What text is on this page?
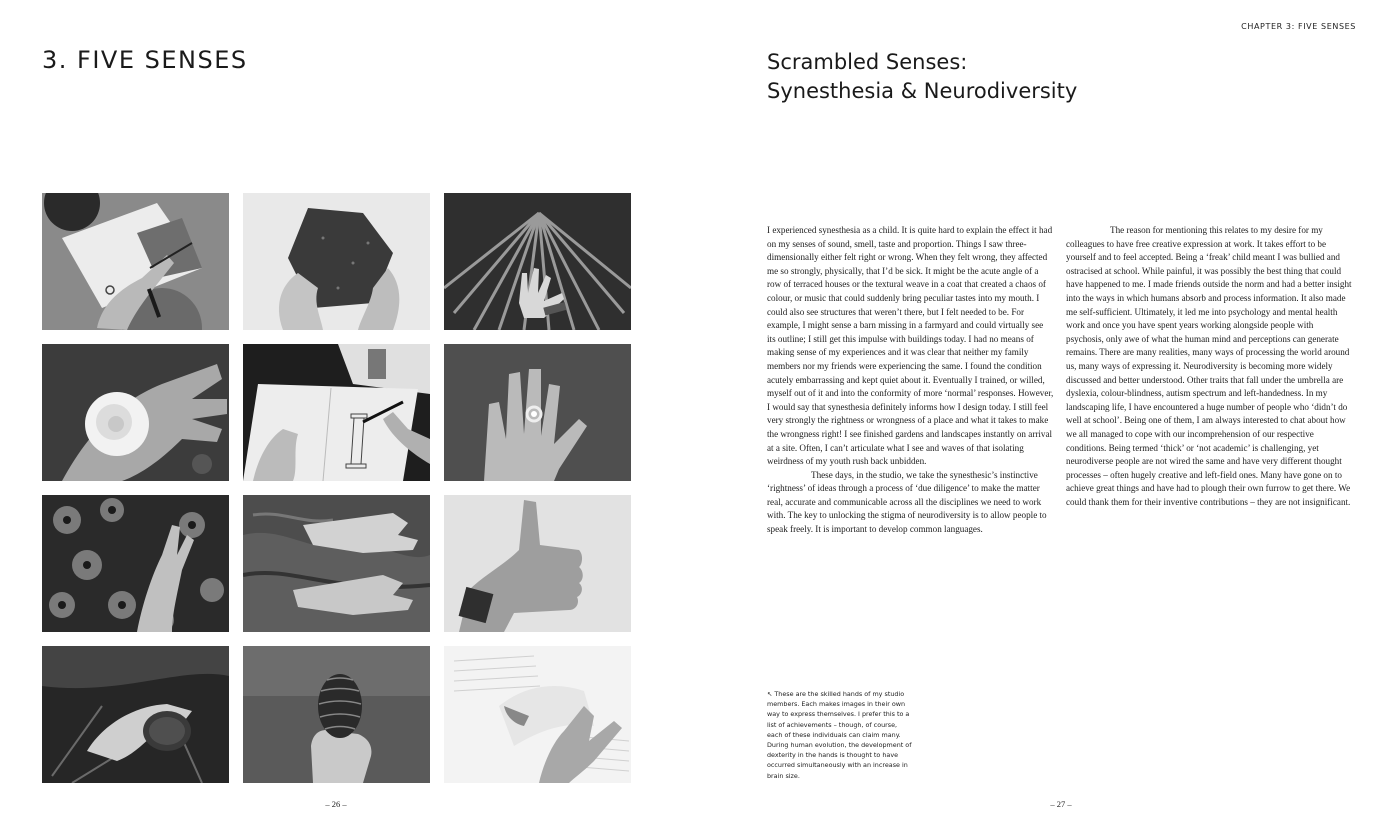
3. FIVE SENSES
– 26 –
CHAPTER 3: FIVE SENSES
Scrambled Senses:
Synesthesia & Neurodiversity

I experienced synesthesia as a child. It is quite hard to explain the effect it had on my senses of sound, smell, taste and proportion. Things I saw three-dimensionally either felt right or wrong. When they felt wrong, they affected me so strongly, physically, that I’d be sick. It might be the acute angle of a row of terraced houses or the textural weave in a coat that created a chaos of colour, or music that could suddenly bring peculiar tastes into my mouth. I could also see structures that weren’t there, but I felt needed to be. For example, I might sense a barn missing in a farmyard and could virtually see its outline; I still get this impulse with buildings today. I had no means of making sense of my experiences and it was clear that neither my family members nor my friends were experiencing the same. I found the condition acutely embarrassing and kept quiet about it. Eventually I trained, or willed, myself out of it and into the conformity of more ‘normal’ responses. However, I would say that synesthesia definitely informs how I design today. I still feel very strongly the rightness or wrongness of a place and what it takes to make the wrongness right! I see finished gardens and landscapes instantly on arrival at a site. Often, I can’t articulate what I see and waves of that isolating weirdness of my youth rush back unbidden.

These days, in the studio, we take the synesthesic’s instinctive ‘rightness’ of ideas through a process of ‘due diligence’ to make the matter real, accurate and communicable across all the disciplines we need to work with. The key to unlocking the stigma of neurodiversity is to allow people to speak freely. It is important to develop common languages.

The reason for mentioning this relates to my desire for my colleagues to have free creative expression at work. It takes effort to be yourself and to feel accepted. Being a ‘freak’ child meant I was bullied and ostracised at school. While painful, it was possibly the best thing that could have happened to me. I made friends outside the norm and had a better insight into the ways in which humans absorb and process information. It also made me self-sufficient. Ultimately, it led me into psychology and mental health work and once you have spent years working alongside people with psychosis, only awe of what the human mind and perceptions can generate remains. There are many realities, many ways of processing the world around us, many ways of expressing it. Neurodiversity is becoming more widely discussed and better understood. Other traits that fall under the umbrella are dyslexia, colour-blindness, autism spectrum and left-handedness. In my landscaping life, I have encountered a huge number of people who ‘didn’t do well at school’. Being one of them, I am always interested to chat about how we all managed to cope with our incomprehension of our respective conditions. Being termed ‘thick’ or ‘not academic’ is challenging, yet neurodiverse people are not wired the same and have very different thought processes – often hugely creative and left-field ones. Many have gone on to achieve great things and have had to plough their own furrow to get there. We could thank them for their inventive contributions – they are not insignificant.

↖ These are the skilled hands of my studio members. Each makes images in their own way to express themselves. I prefer this to a list of achievements – though, of course, each of these individuals can claim many. During human evolution, the development of dexterity in the hands is thought to have occurred simultaneously with an increase in brain size.
– 27 –
